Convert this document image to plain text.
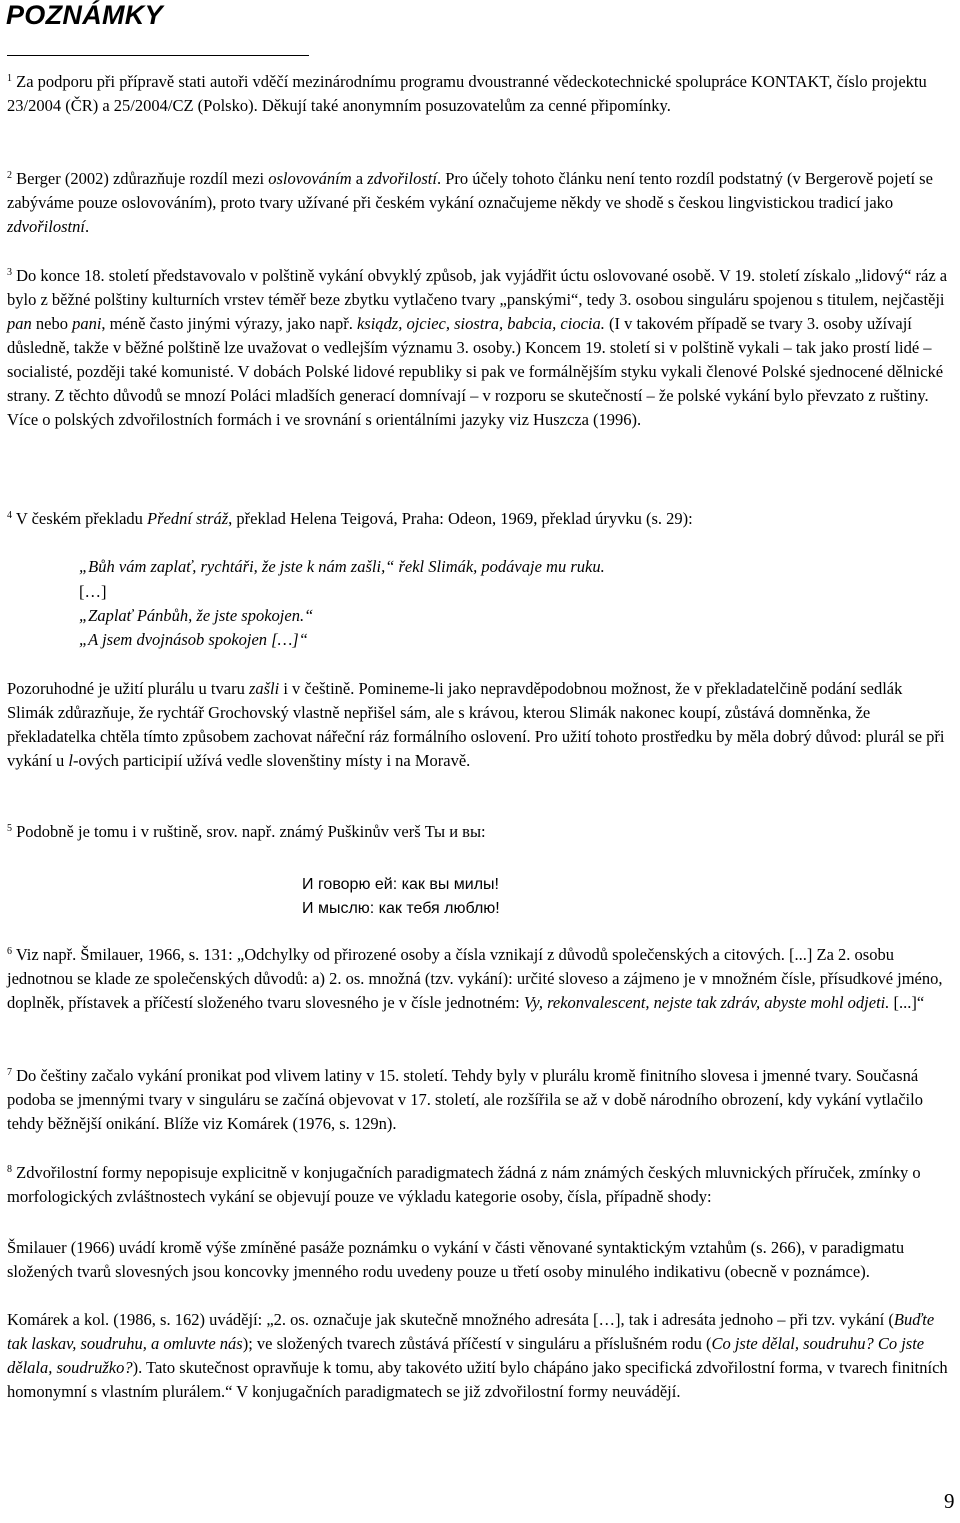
POZNÁMKY

$^1$ Za podporu při přípravě stati autoři vděčí mezinárodnímu programu dvoustranné vědeckotechnické spolupráce KONTAKT, číslo projektu 23/2004 (ČR) a 25/2004/CZ (Polsko). Děkují také anonymním posuzovatelům za cenné připomínky.

$^2$ Berger (2002) zdůrazňuje rozdíl mezi oslovováním a zdvořilostí. Pro účely tohoto článku není tento rozdíl podstatný (v Bergerově pojetí se zabýváme pouze oslovováním), proto tvary užívané při českém vykání označujeme někdy ve shodě s českou lingvistickou tradicí jako zdvořilostní.

$^3$ Do konce 18. století představovalo v polštině vykání obvyklý způsob, jak vyjádřit úctu oslovované osobě. V 19. století získalo „lidový“ ráz a bylo z běžné polštiny kulturních vrstev téměř beze zbytku vytlačeno tvary „panskými“, tedy 3. osobou singuláru spojenou s titulem, nejčastěji pan nebo pani, méně často jinými výrazy, jako např. ksiądz, ojciec, siostra, babcia, ciocia. (I v takovém případě se tvary 3. osoby užívají důsledně, takže v běžné polštině lze uvažovat o vedlejším významu 3. osoby.) Koncem 19. století si v polštině vykali – tak jako prostí lidé – socialisté, později také komunisté. V dobách Polské lidové republiky si pak ve formálnějším styku vykali členové Polské sjednocené dělnické strany. Z těchto důvodů se mnozí Poláci mladších generací domnívají – v rozporu se skutečností – že polské vykání bylo převzato z ruštiny. Více o polských zdvořilostních formách i ve srovnání s orientálními jazyky viz Huszcza (1996).

$^4$ V českém překladu Přední stráž, překlad Helena Teigová, Praha: Odeon, 1969, překlad úryvku (s. 29):

„Bůh vám zaplať, rychtáři, že jste k nám zašli,“ řekl Slimák, podávaje mu ruku.

[…]

„Zaplať Pánbůh, že jste spokojen.“

„A jsem dvojnásob spokojen […]“

Pozoruhodné je užití plurálu u tvaru zašli i v češtině. Pomineme-li jako nepravděpodobnou možnost, že v překladatelčině podání sedlák Slimák zdůrazňuje, že rychtář Grochovský vlastně nepřišel sám, ale s krávou, kterou Slimák nakonec koupí, zůstává domněnka, že překladatelka chtěla tímto způsobem zachovat nářeční ráz formálního oslovení. Pro užití tohoto prostředku by měla dobrý důvod: plurál se při vykání u l-ových participií užívá vedle slovenštiny místy i na Moravě.

$^5$ Podobně je tomu i v ruštině, srov. např. známý Puškinův verš Ты и вы:

И говорю ей: как вы милы!

И мыслю: как тебя люблю!

$^6$ Viz např. Šmilauer, 1966, s. 131: „Odchylky od přirozené osoby a čísla vznikají z důvodů společenských a citových. [...] Za 2. osobu jednotnou se klade ze společenských důvodů: a) 2. os. množná (tzv. vykání): určité sloveso a zájmeno je v množném čísle, přísudkové jméno, doplněk, přístavek a příčestí složeného tvaru slovesného je v čísle jednotném: Vy, rekonvalescent, nejste tak zdráv, abyste mohl odjeti. [...]“

$^7$ Do češtiny začalo vykání pronikat pod vlivem latiny v 15. století. Tehdy byly v plurálu kromě finitního slovesa i jmenné tvary. Současná podoba se jmennými tvary v singuláru se začíná objevovat v 17. století, ale rozšířila se až v době národního obrození, kdy vykání vytlačilo tehdy běžnější onikání. Blíže viz Komárek (1976, s. 129n).

$^8$ Zdvořilostní formy nepopisuje explicitně v konjugačních paradigmatech žádná z nám známých českých mluvnických příruček, zmínky o morfologických zvláštnostech vykání se objevují pouze ve výkladu kategorie osoby, čísla, případně shody:

Šmilauer (1966) uvádí kromě výše zmíněné pasáže poznámku o vykání v části věnované syntaktickým vztahům (s. 266), v paradigmatu složených tvarů slovesných jsou koncovky jmenného rodu uvedeny pouze u třetí osoby minulého indikativu (obecně v poznámce).

Komárek a kol. (1986, s. 162) uvádějí: „2. os. označuje jak skutečně množného adresáta […], tak i adresáta jednoho – při tzv. vykání (Buďte tak laskav, soudruhu, a omluvte nás); ve složených tvarech zůstává příčestí v singuláru a příslušném rodu (Co jste dělal, soudruhu? Co jste dělala, soudružko?). Tato skutečnost opravňuje k tomu, aby takovéto užití bylo chápáno jako specifická zdvořilostní forma, v tvarech finitních homonymní s vlastním plurálem.“ V konjugačních paradigmatech se již zdvořilostní formy neuvádějí.

9
